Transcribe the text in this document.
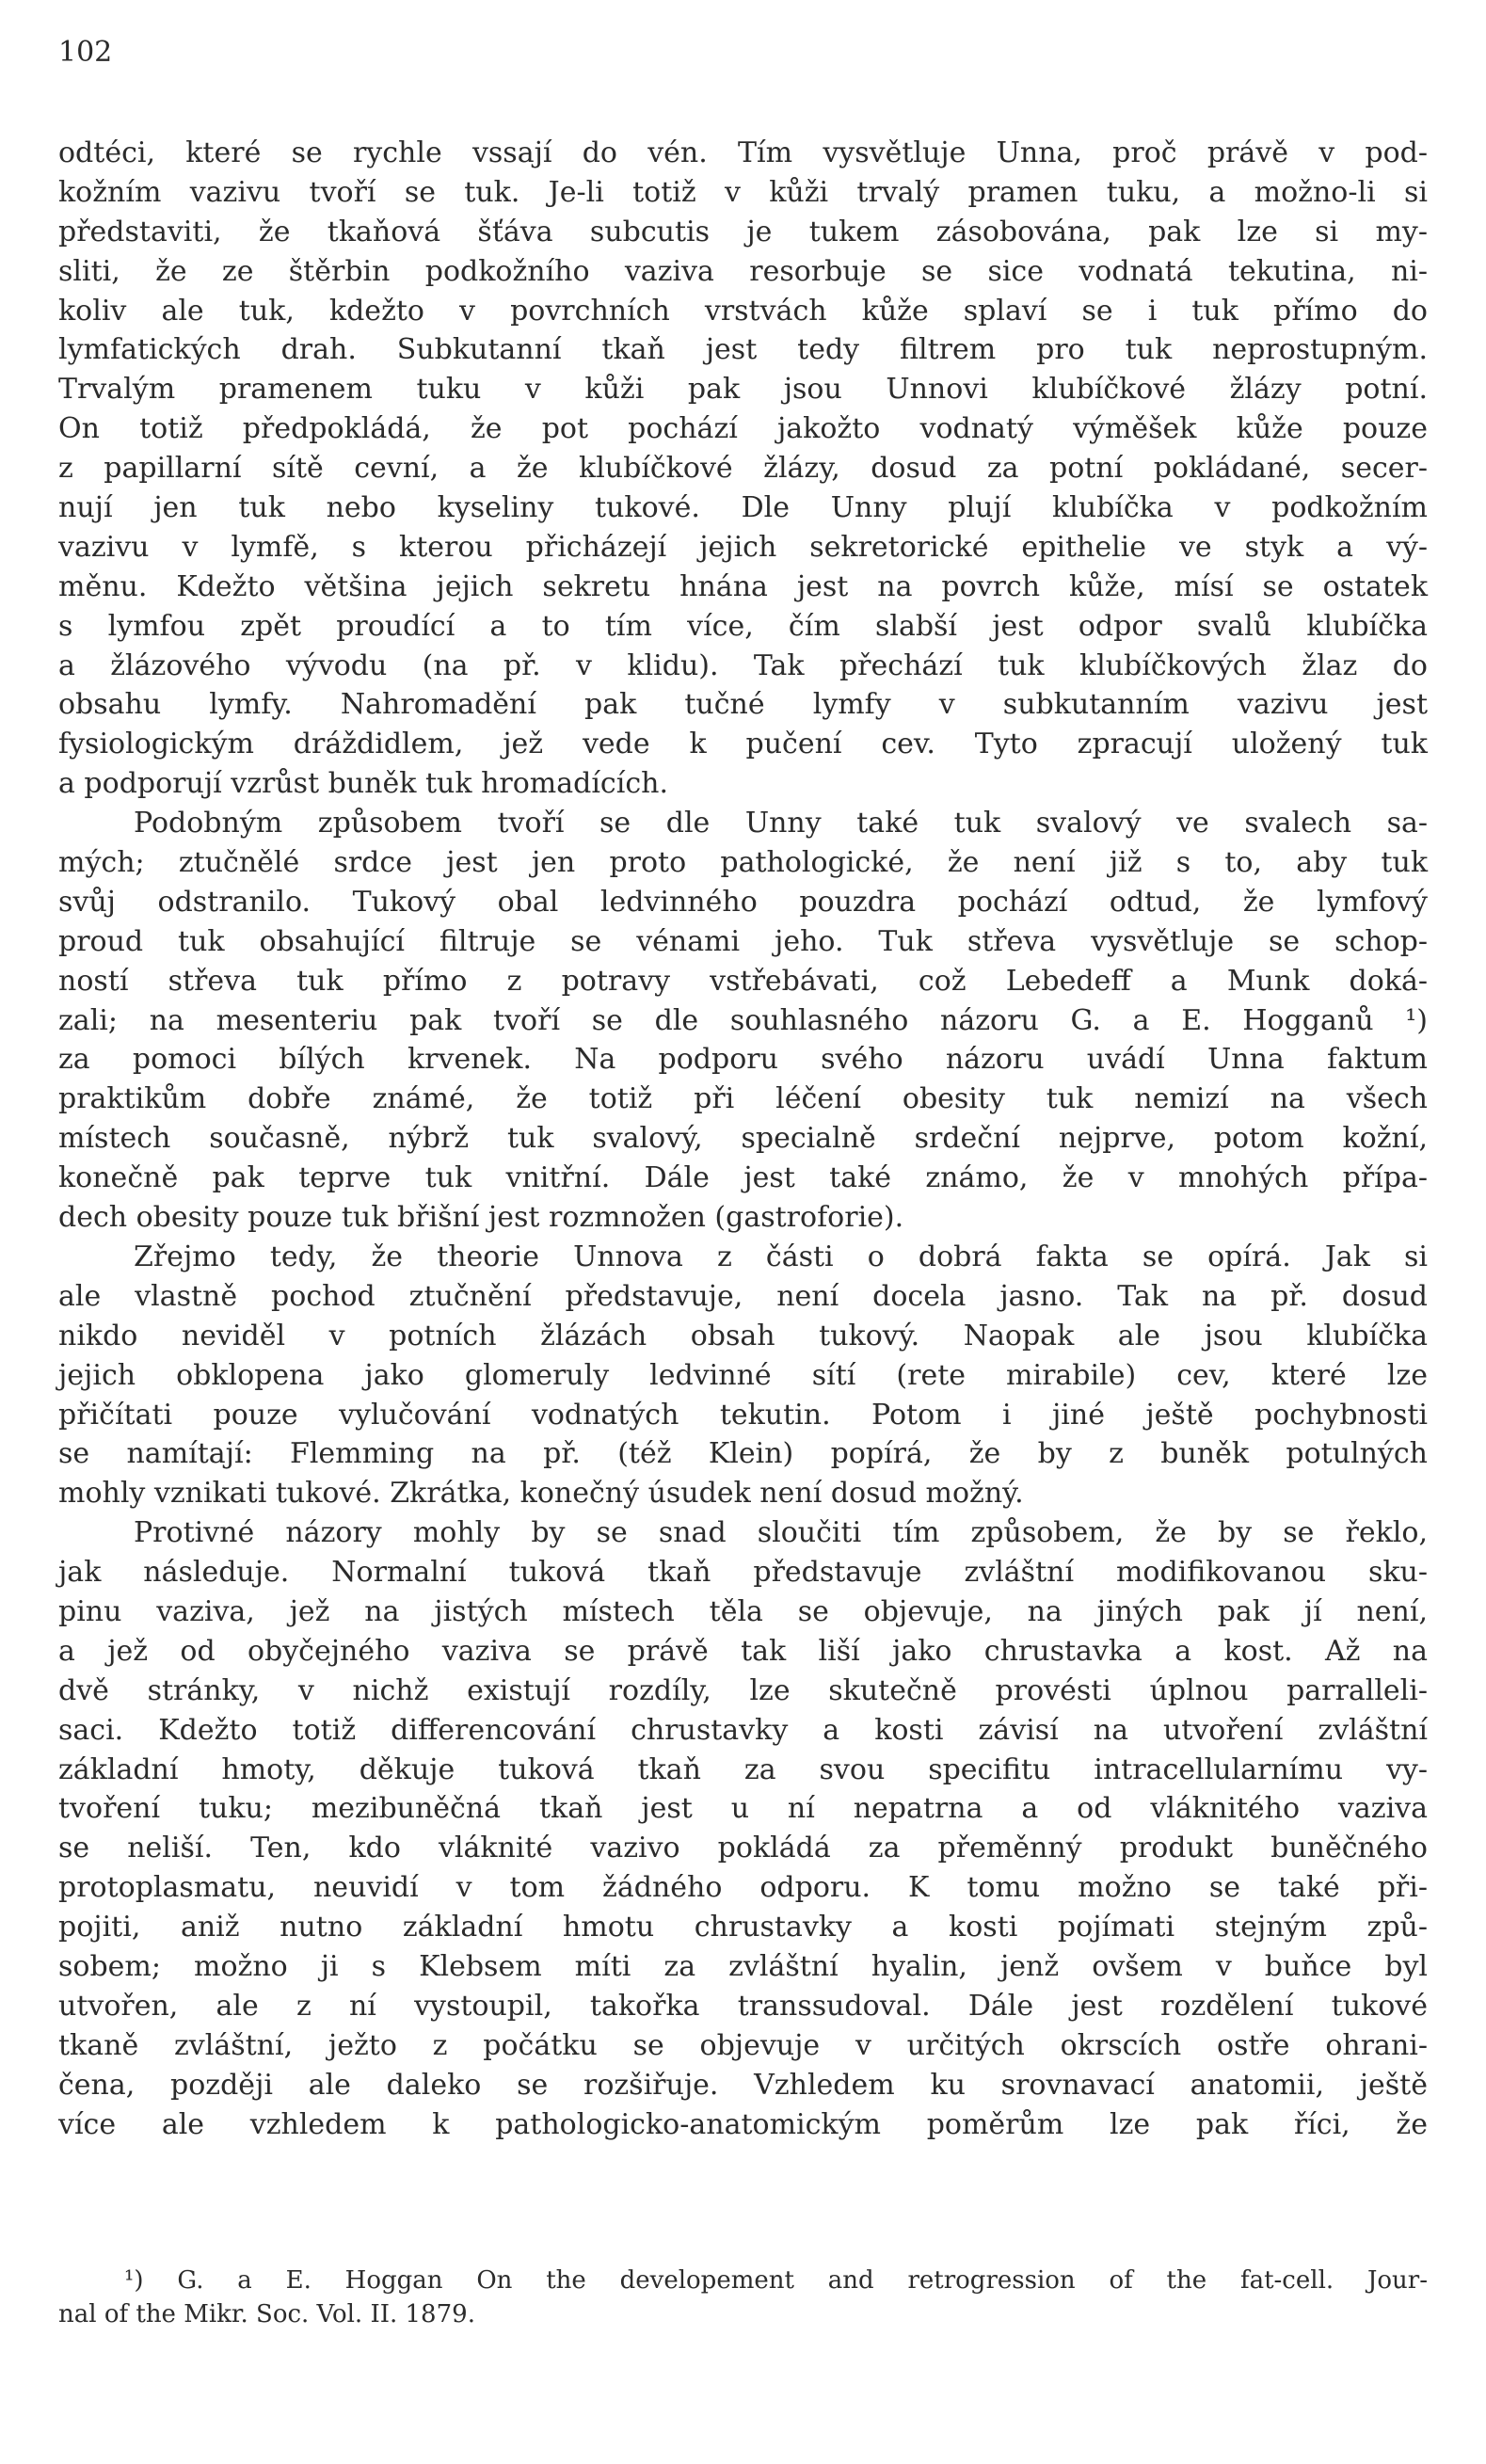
102
odtéci, které se rychle vssají do vén. Tím vysvětluje Unna, proč právě v pod-
kožním vazivu tvoří se tuk. Je-li totiž v kůži trvalý pramen tuku, a možno-li si
představiti, že tkaňová šťáva subcutis je tukem zásobována, pak lze si my-
sliti, že ze štěrbin podkožního vaziva resorbuje se sice vodnatá tekutina, ni-
koliv ale tuk, kdežto v povrchních vrstvách kůže splaví se i tuk přímo do
lymfatických drah. Subkutanní tkaň jest tedy filtrem pro tuk neprostupným.
Trvalým pramenem tuku v kůži pak jsou Unnovi klubíčkové žlázy potní.
On totiž předpokládá, že pot pochází jakožto vodnatý výměšek kůže pouze
z papillarní sítě cevní, a že klubíčkové žlázy, dosud za potní pokládané, secer-
nují jen tuk nebo kyseliny tukové. Dle Unny plují klubíčka v podkožním
vazivu v lymfě, s kterou přicházejí jejich sekretorické epithelie ve styk a vý-
měnu. Kdežto většina jejich sekretu hnána jest na povrch kůže, mísí se ostatek
s lymfou zpět proudící a to tím více, čím slabší jest odpor svalů klubíčka
a žlázového vývodu (na př. v klidu). Tak přechází tuk klubíčkových žlaz do
obsahu lymfy. Nahromadění pak tučné lymfy v subkutanním vazivu jest
fysiologickým dráždidlem, jež vede k pučení cev. Tyto zpracují uložený tuk
a podporují vzrůst buněk tuk hromadících.
Podobným způsobem tvoří se dle Unny také tuk svalový ve svalech sa-
mých; ztučnělé srdce jest jen proto pathologické, že není již s to, aby tuk
svůj odstranilo. Tukový obal ledvinného pouzdra pochází odtud, že lymfový
proud tuk obsahující filtruje se vénami jeho. Tuk střeva vysvětluje se schop-
ností střeva tuk přímo z potravy vstřebávati, což Lebedeff a Munk doká-
zali; na mesenteriu pak tvoří se dle souhlasného názoru G. a E. Hogganů ¹)
za pomoci bílých krvenek. Na podporu svého názoru uvádí Unna faktum
praktikům dobře známé, že totiž při léčení obesity tuk nemizí na všech
místech současně, nýbrž tuk svalový, specialně srdeční nejprve, potom kožní,
konečně pak teprve tuk vnitřní. Dále jest také známo, že v mnohých přípa-
dech obesity pouze tuk břišní jest rozmnožen (gastroforie).
Zřejmo tedy, že theorie Unnova z části o dobrá fakta se opírá. Jak si
ale vlastně pochod ztučnění představuje, není docela jasno. Tak na př. dosud
nikdo neviděl v potních žlázách obsah tukový. Naopak ale jsou klubíčka
jejich obklopena jako glomeruly ledvinné sítí (rete mirabile) cev, které lze
přičítati pouze vylučování vodnatých tekutin. Potom i jiné ještě pochybnosti
se namítají: Flemming na př. (též Klein) popírá, že by z buněk potulných
mohly vznikati tukové. Zkrátka, konečný úsudek není dosud možný.
Protivné názory mohly by se snad sloučiti tím způsobem, že by se řeklo,
jak následuje. Normalní tuková tkaň představuje zvláštní modifikovanou sku-
pinu vaziva, jež na jistých místech těla se objevuje, na jiných pak jí není,
a jež od obyčejného vaziva se právě tak liší jako chrustavka a kost. Až na
dvě stránky, v nichž existují rozdíly, lze skutečně provésti úplnou parralleli-
saci. Kdežto totiž differencování chrustavky a kosti závisí na utvoření zvláštní
základní hmoty, děkuje tuková tkaň za svou specifitu intracellularnímu vy-
tvoření tuku; mezibuněčná tkaň jest u ní nepatrna a od vláknitého vaziva
se neliší. Ten, kdo vláknité vazivo pokládá za přeměnný produkt buněčného
protoplasmatu, neuvidí v tom žádného odporu. K tomu možno se také při-
pojiti, aniž nutno základní hmotu chrustavky a kosti pojímati stejným způ-
sobem; možno ji s Klebsem míti za zvláštní hyalin, jenž ovšem v buňce byl
utvořen, ale z ní vystoupil, takořka transsudoval. Dále jest rozdělení tukové
tkaně zvláštní, ježto z počátku se objevuje v určitých okrscích ostře ohrani-
čena, později ale daleko se rozšiřuje. Vzhledem ku srovnavací anatomii, ještě
více ale vzhledem k pathologicko-anatomickým poměrům lze pak říci, že
¹) G. a E. Hoggan On the developement and retrogression of the fat-cell. Jour-
nal of the Mikr. Soc. Vol. II. 1879.
